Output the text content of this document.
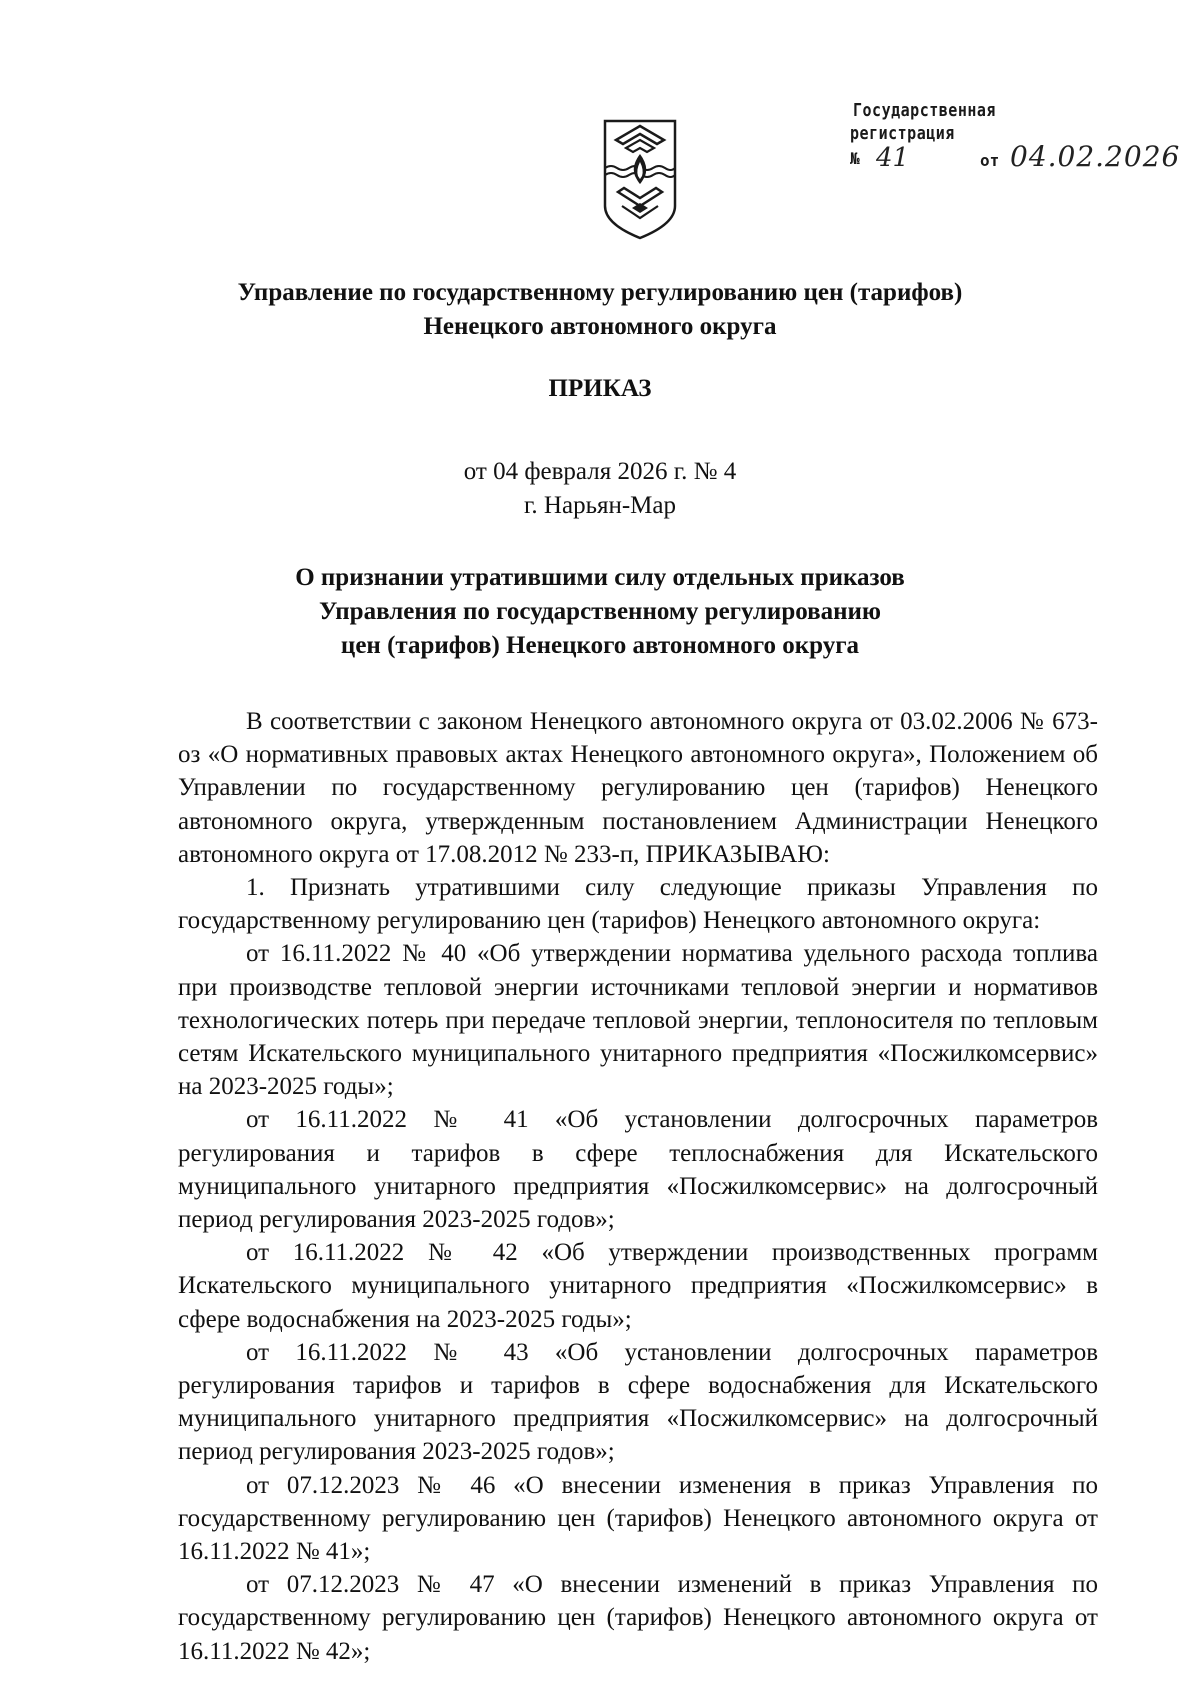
Государственная
регистрация
№ 41	от 04.02.2026
Управление по государственному регулированию цен (тарифов)
Ненецкого автономного округа
ПРИКАЗ
от 04 февраля 2026 г. № 4
г. Нарьян-Мар
О признании утратившими силу отдельных приказов
Управления по государственному регулированию
цен (тарифов) Ненецкого автономного округа

В соответствии с законом Ненецкого автономного округа от 03.02.2006 № 673-оз «О нормативных правовых актах Ненецкого автономного округа», Положением об Управлении по государственному регулированию цен (тарифов) Ненецкого автономного округа, утвержденным постановлением Администрации Ненецкого автономного округа от 17.08.2012 № 233-п, ПРИКАЗЫВАЮ:

1. Признать утратившими силу следующие приказы Управления по государственному регулированию цен (тарифов) Ненецкого автономного округа:

от 16.11.2022 № 40 «Об утверждении норматива удельного расхода топлива при производстве тепловой энергии источниками тепловой энергии и нормативов технологических потерь при передаче тепловой энергии, теплоносителя по тепловым сетям Искательского муниципального унитарного предприятия «Посжилкомсервис» на 2023-2025 годы»;

от 16.11.2022 № 41 «Об установлении долгосрочных параметров регулирования и тарифов в сфере теплоснабжения для Искательского муниципального унитарного предприятия «Посжилкомсервис» на долгосрочный период регулирования 2023-2025 годов»;

от 16.11.2022 № 42 «Об утверждении производственных программ Искательского муниципального унитарного предприятия «Посжилкомсервис» в сфере водоснабжения на 2023-2025 годы»;

от 16.11.2022 № 43 «Об установлении долгосрочных параметров регулирования тарифов и тарифов в сфере водоснабжения для Искательского муниципального унитарного предприятия «Посжилкомсервис» на долгосрочный период регулирования 2023-2025 годов»;

от 07.12.2023 № 46 «О внесении изменения в приказ Управления по государственному регулированию цен (тарифов) Ненецкого автономного округа от 16.11.2022 № 41»;

от 07.12.2023 № 47 «О внесении изменений в приказ Управления по государственному регулированию цен (тарифов) Ненецкого автономного округа от 16.11.2022 № 42»;
